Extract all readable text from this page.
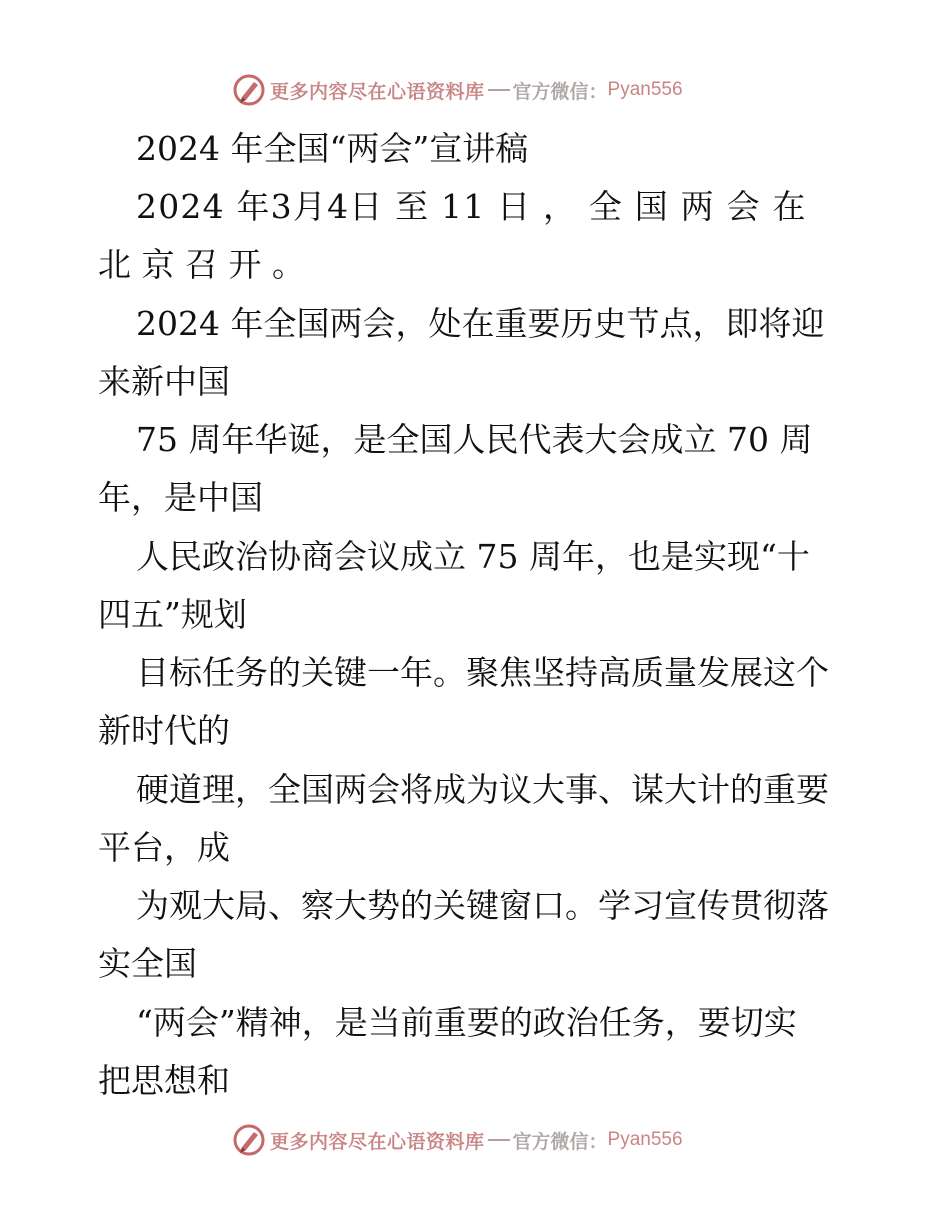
更多内容尽在心语资料库 官方微信： Pyan556
2024 年全国“两会”宣讲稿
2024 年3月4日 至 11 日 ， 全 国 两 会 在
北 京 召 开 。
2024 年全国两会，处在重要历史节点，即将迎
来新中国
75 周年华诞，是全国人民代表大会成立 70 周
年，是中国
人民政治协商会议成立 75 周年，也是实现“十
四五”规划
目标任务的关键一年。聚焦坚持高质量发展这个
新时代的
硬道理，全国两会将成为议大事、谋大计的重要
平台，成
为观大局、察大势的关键窗口。学习宣传贯彻落
实全国
“两会”精神，是当前重要的政治任务，要切实
把思想和
更多内容尽在心语资料库 官方微信： Pyan556
